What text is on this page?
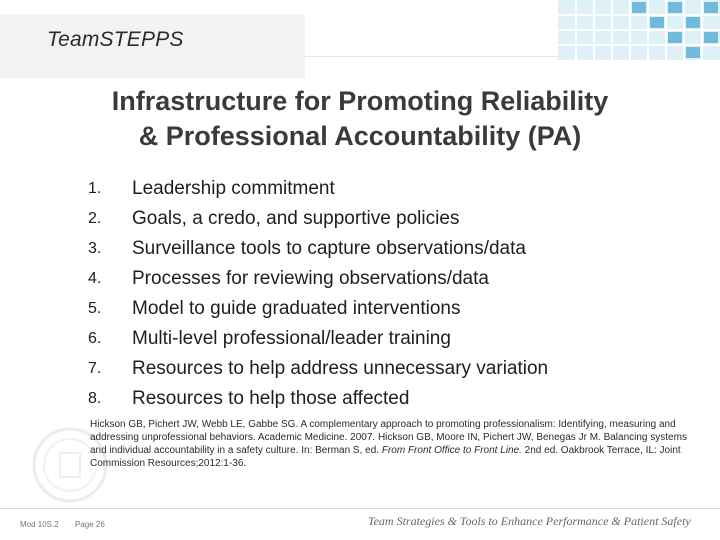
TeamSTEPPS
Infrastructure for Promoting Reliability
& Professional Accountability (PA)
1.	Leadership commitment
2.	Goals, a credo, and supportive policies
3.	Surveillance tools to capture observations/data
4.	Processes for reviewing observations/data
5.	Model to guide graduated interventions
6.	Multi-level professional/leader training
7.	Resources to help address unnecessary variation
8.	Resources to help those affected
Hickson GB, Pichert JW, Webb LE, Gabbe SG. A complementary approach to promoting professionalism: Identifying, measuring and addressing unprofessional behaviors. Academic Medicine. 2007. Hickson GB, Moore IN, Pichert JW, Benegas Jr M. Balancing systems and individual accountability in a safety culture. In: Berman S, ed. From Front Office to Front Line. 2nd ed. Oakbrook Terrace, IL: Joint Commission Resources;2012:1-36.
Mod 10S.2 Page 26	Team Strategies & Tools to Enhance Performance & Patient Safety
